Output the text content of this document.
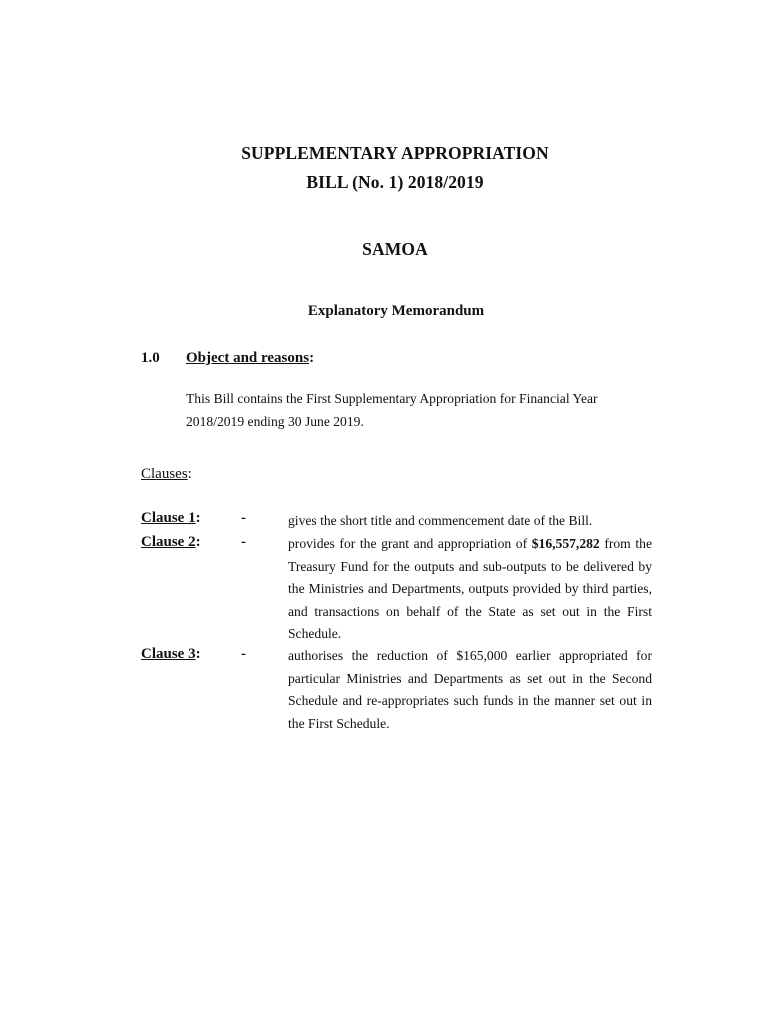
SUPPLEMENTARY APPROPRIATION
BILL (No. 1) 2018/2019
SAMOA
Explanatory Memorandum
1.0 Object and reasons:
This Bill contains the First Supplementary Appropriation for Financial Year 2018/2019 ending 30 June 2019.
Clauses:
Clause 1:	-	gives the short title and commencement date of the Bill.
Clause 2:	-	provides for the grant and appropriation of $16,557,282 from the Treasury Fund for the outputs and sub-outputs to be delivered by the Ministries and Departments, outputs provided by third parties, and transactions on behalf of the State as set out in the First Schedule.
Clause 3:	-	authorises the reduction of $165,000 earlier appropriated for particular Ministries and Departments as set out in the Second Schedule and re-appropriates such funds in the manner set out in the First Schedule.
